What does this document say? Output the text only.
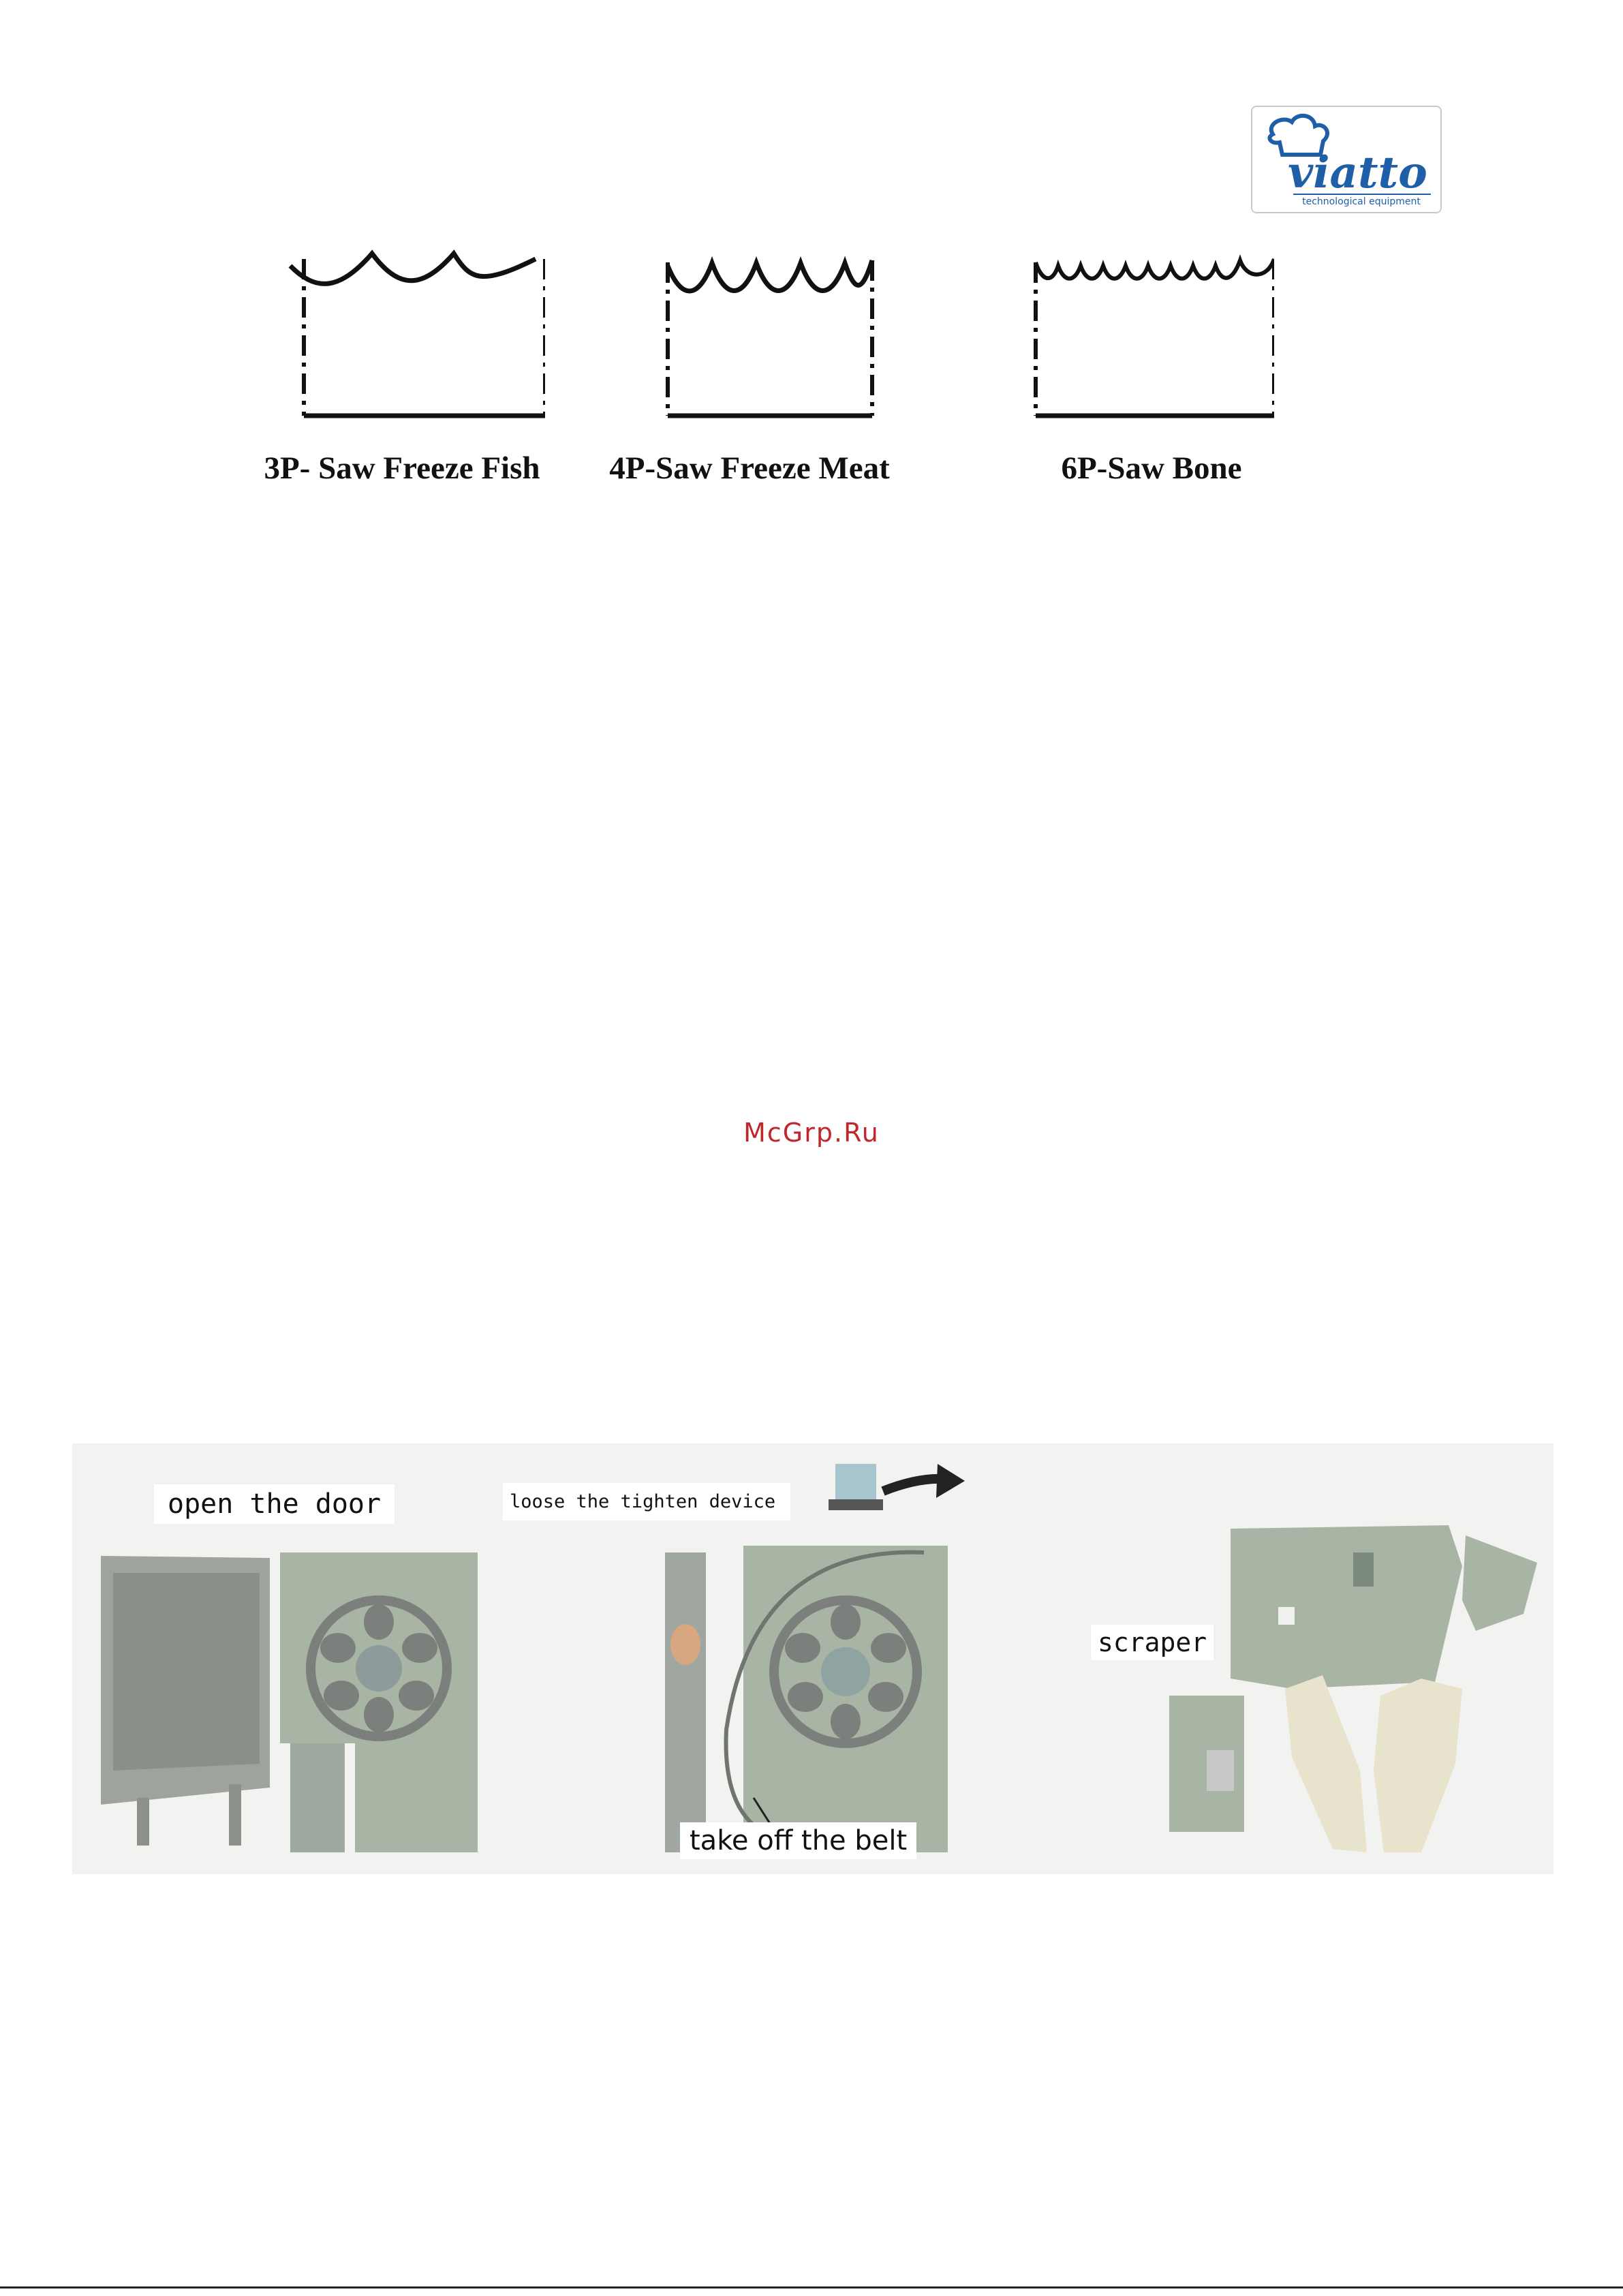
viatto
technological equipment
3P- Saw Freeze Fish 4P-Saw Freeze Meat	6P-Saw Bone
McGrp.Ru
open the door	loose the tighten device
scraper
take off the belt
